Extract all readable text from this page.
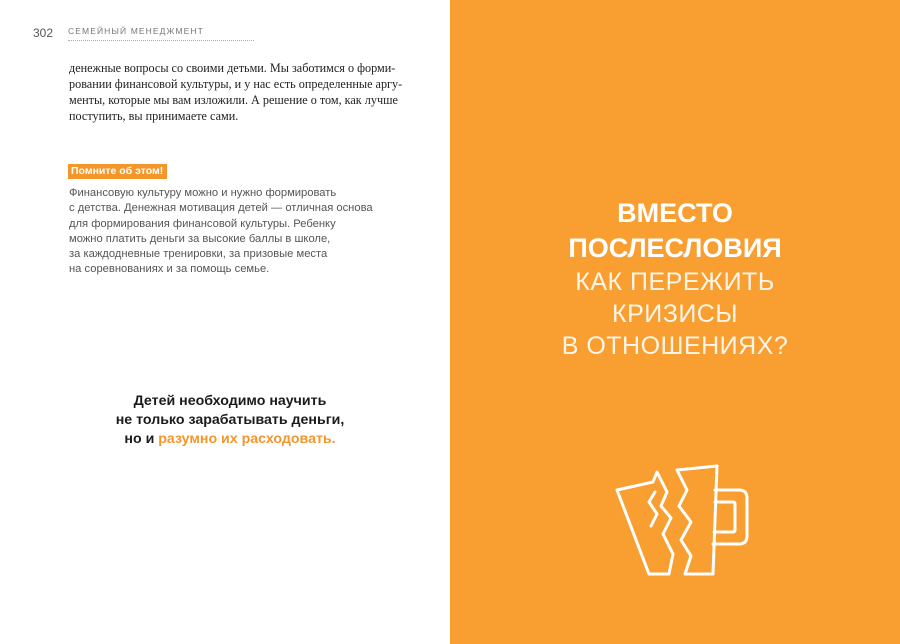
302 СЕМЕЙНЫЙ МЕНЕДЖМЕНТ

денежные вопросы со своими детьми. Мы заботимся о форми-
ровании финансовой культуры, и у нас есть определенные аргу-
менты, которые мы вам изложили. А решение о том, как лучше
поступить, вы принимаете сами.

Помните об этом!

Финансовую культуру можно и нужно формировать
с детства. Денежная мотивация детей — отличная основа
для формирования финансовой культуры. Ребенку
можно платить деньги за высокие баллы в школе,
за каждодневные тренировки, за призовые места
на соревнованиях и за помощь семье.

Детей необходимо научить
не только зарабатывать деньги,
но и разумно их расходовать.

ВМЕСТО
ПОСЛЕСЛОВИЯ
КАК ПЕРЕЖИТЬ
КРИЗИСЫ
В ОТНОШЕНИЯХ?
